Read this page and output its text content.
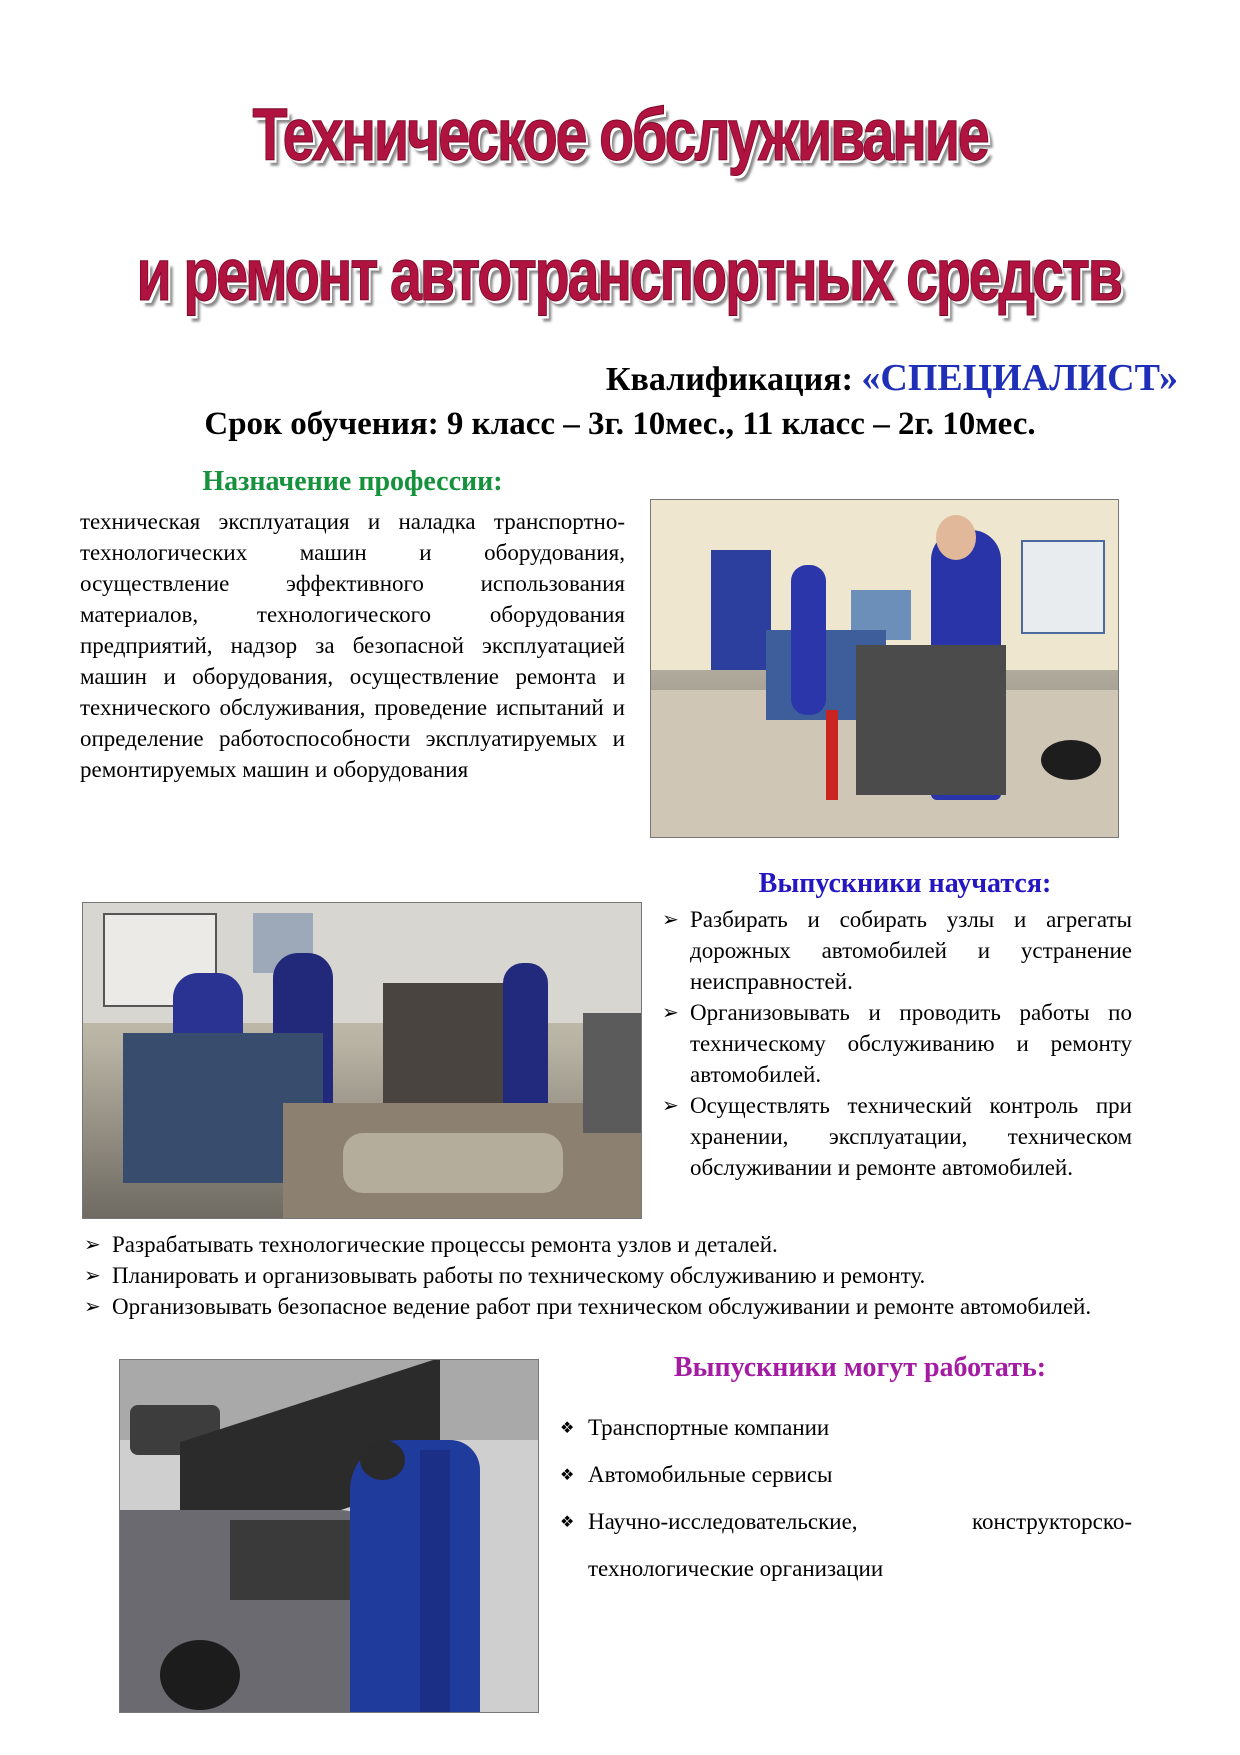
Техническое обслуживание
и ремонт автотранспортных средств
Квалификация: «СПЕЦИАЛИСТ»
Срок обучения: 9 класс – 3г. 10мес., 11 класс – 2г. 10мес.
Назначение профессии:
техническая эксплуатация и наладка транспортно-технологических машин и оборудования, осуществление эффективного использования материалов, технологического оборудования предприятий, надзор за безопасной эксплуатацией машин и оборудования, осуществление ремонта и технического обслуживания, проведение испытаний и определение работоспособности эксплуатируемых и ремонтируемых машин и оборудования
Выпускники научатся:
➢ Разбирать и собирать узлы и агрегаты дорожных автомобилей и устранение неисправностей.
➢ Организовывать и проводить работы по техническому обслуживанию и ремонту автомобилей.
➢ Осуществлять технический контроль при хранении, эксплуатации, техническом обслуживании и ремонте автомобилей.
➢ Разрабатывать технологические процессы ремонта узлов и деталей.
➢ Планировать и организовывать работы по техническому обслуживанию и ремонту.
➢ Организовывать безопасное ведение работ при техническом обслуживании и ремонте автомобилей.
Выпускники могут работать:
❖ Транспортные компании
❖ Автомобильные сервисы
❖ Научно-исследовательские, конструкторско-технологические организации
